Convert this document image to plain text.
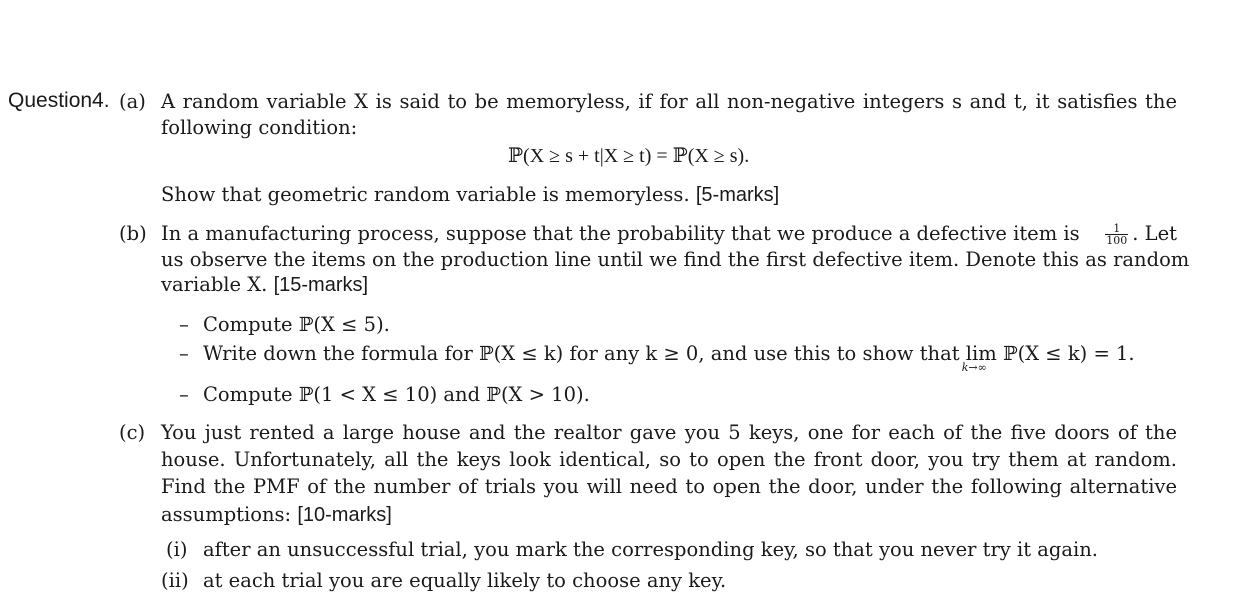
Question4. (a) A random variable X is said to be memoryless, if for all non-negative integers s and t, it satisfies the
following condition:
ℙ(X ≥ s + t|X ≥ t) = ℙ(X ≥ s).
Show that geometric random variable is memoryless. [5-marks]
(b) In a manufacturing process, suppose that the probability that we produce a defective item is $\frac{1}{100}$ . Let
us observe the items on the production line until we find the first defective item. Denote this as random
variable X. [15-marks]
– Compute ℙ(X ≤ 5).
– Write down the formula for ℙ(X ≤ k) for any k ≥ 0, and use this to show that lim
k→∞
ℙ(X ≤ k) = 1.
– Compute ℙ(1 < X ≤ 10) and ℙ(X > 10).
(c) You just rented a large house and the realtor gave you 5 keys, one for each of the five doors of the
house. Unfortunately, all the keys look identical, so to open the front door, you try them at random.
Find the PMF of the number of trials you will need to open the door, under the following alternative
assumptions: [10-marks]
(i) after an unsuccessful trial, you mark the corresponding key, so that you never try it again.
(ii) at each trial you are equally likely to choose any key.
